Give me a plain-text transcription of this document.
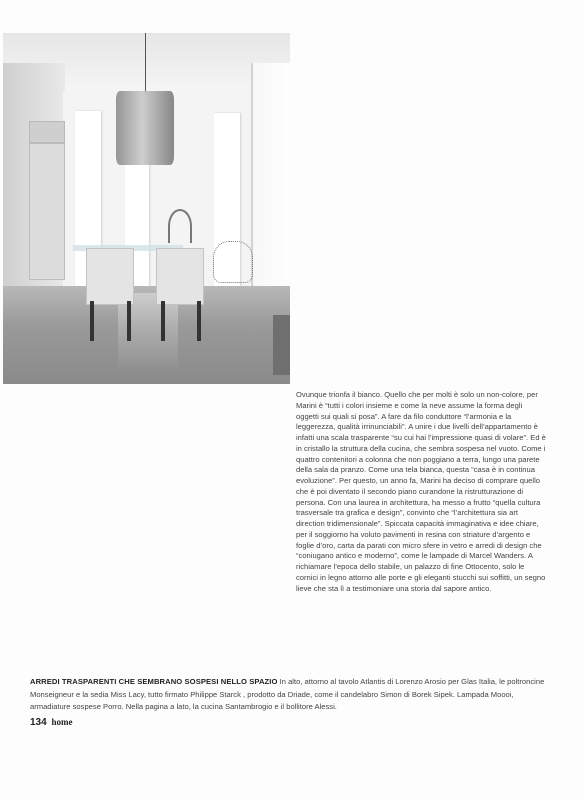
Ovunque trionfa il bianco. Quello che per molti è solo un non-colore, per Marini è “tutti i colori insieme e come la neve assume la forma degli oggetti sui quali si posa”. A fare da filo conduttore “l’armonia e la leggerezza, qualità irrinunciabili”. A unire i due livelli dell’appartamento è infatti una scala trasparente “su cui hai l’impressione quasi di volare”. Ed è in cristallo la struttura della cucina, che sembra sospesa nel vuoto. Come i quattro contenitori a colonna che non poggiano a terra, lungo una parete della sala da pranzo. Come una tela bianca, questa “casa è in continua evoluzione”. Per questo, un anno fa, Marini ha deciso di comprare quello che è poi diventato il secondo piano curandone la ristrutturazione di persona. Con una laurea in architettura, ha messo a frutto “quella cultura trasversale tra grafica e design”, convinto che “l’architettura sia art direction tridimensionale”. Spiccata capacità immaginativa e idee chiare, per il soggiorno ha voluto pavimenti in resina con striature d’argento e foglie d’oro, carta da parati con micro sfere in vetro e arredi di design che “coniugano antico e moderno”, come le lampade di Marcel Wanders. A richiamare l’epoca dello stabile, un palazzo di fine Ottocento, solo le cornici in legno attorno alle porte e gli eleganti stucchi sui soffitti, un segno lieve che sta lì a testimoniare una storia dal sapore antico.

ARREDI TRASPARENTI CHE SEMBRANO SOSPESI NELLO SPAZIO In alto, attorno al tavolo Atlantis di Lorenzo Arosio per Glas Italia, le poltroncine Monseigneur e la sedia Miss Lacy, tutto firmato Philippe Starck , prodotto da Driade, come il candelabro Simon di Borek Sipek. Lampada Moooi, armadiature sospese Porro. Nella pagina a lato, la cucina Santambrogio e il bollitore Alessi.

134 home
